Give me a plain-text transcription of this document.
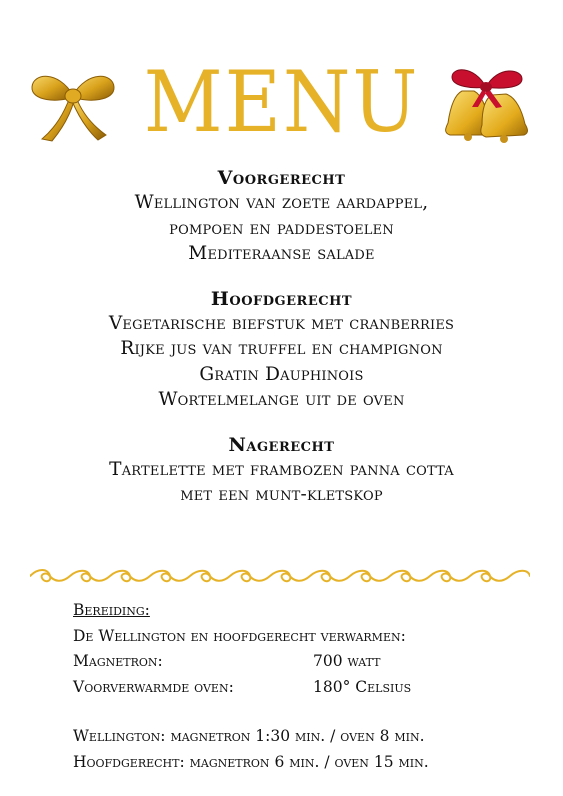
MENU
Voorgerecht
Wellington van zoete aardappel,
pompoen en paddestoelen
Mediteraanse salade
Hoofdgerecht
Vegetarische biefstuk met cranberries
Rijke jus van truffel en champignon
Gratin Dauphinois
Wortelmelange uit de oven
Nagerecht
Tartelette met frambozen panna cotta
met een munt-kletskop
Bereiding:
De Wellington en hoofdgerecht verwarmen:
Magnetron:	700 watt
Voorverwarmde oven:	180° Celsius
Wellington: magnetron 1:30 min. / oven 8 min.
Hoofdgerecht: magnetron 6 min. / oven 15 min.
